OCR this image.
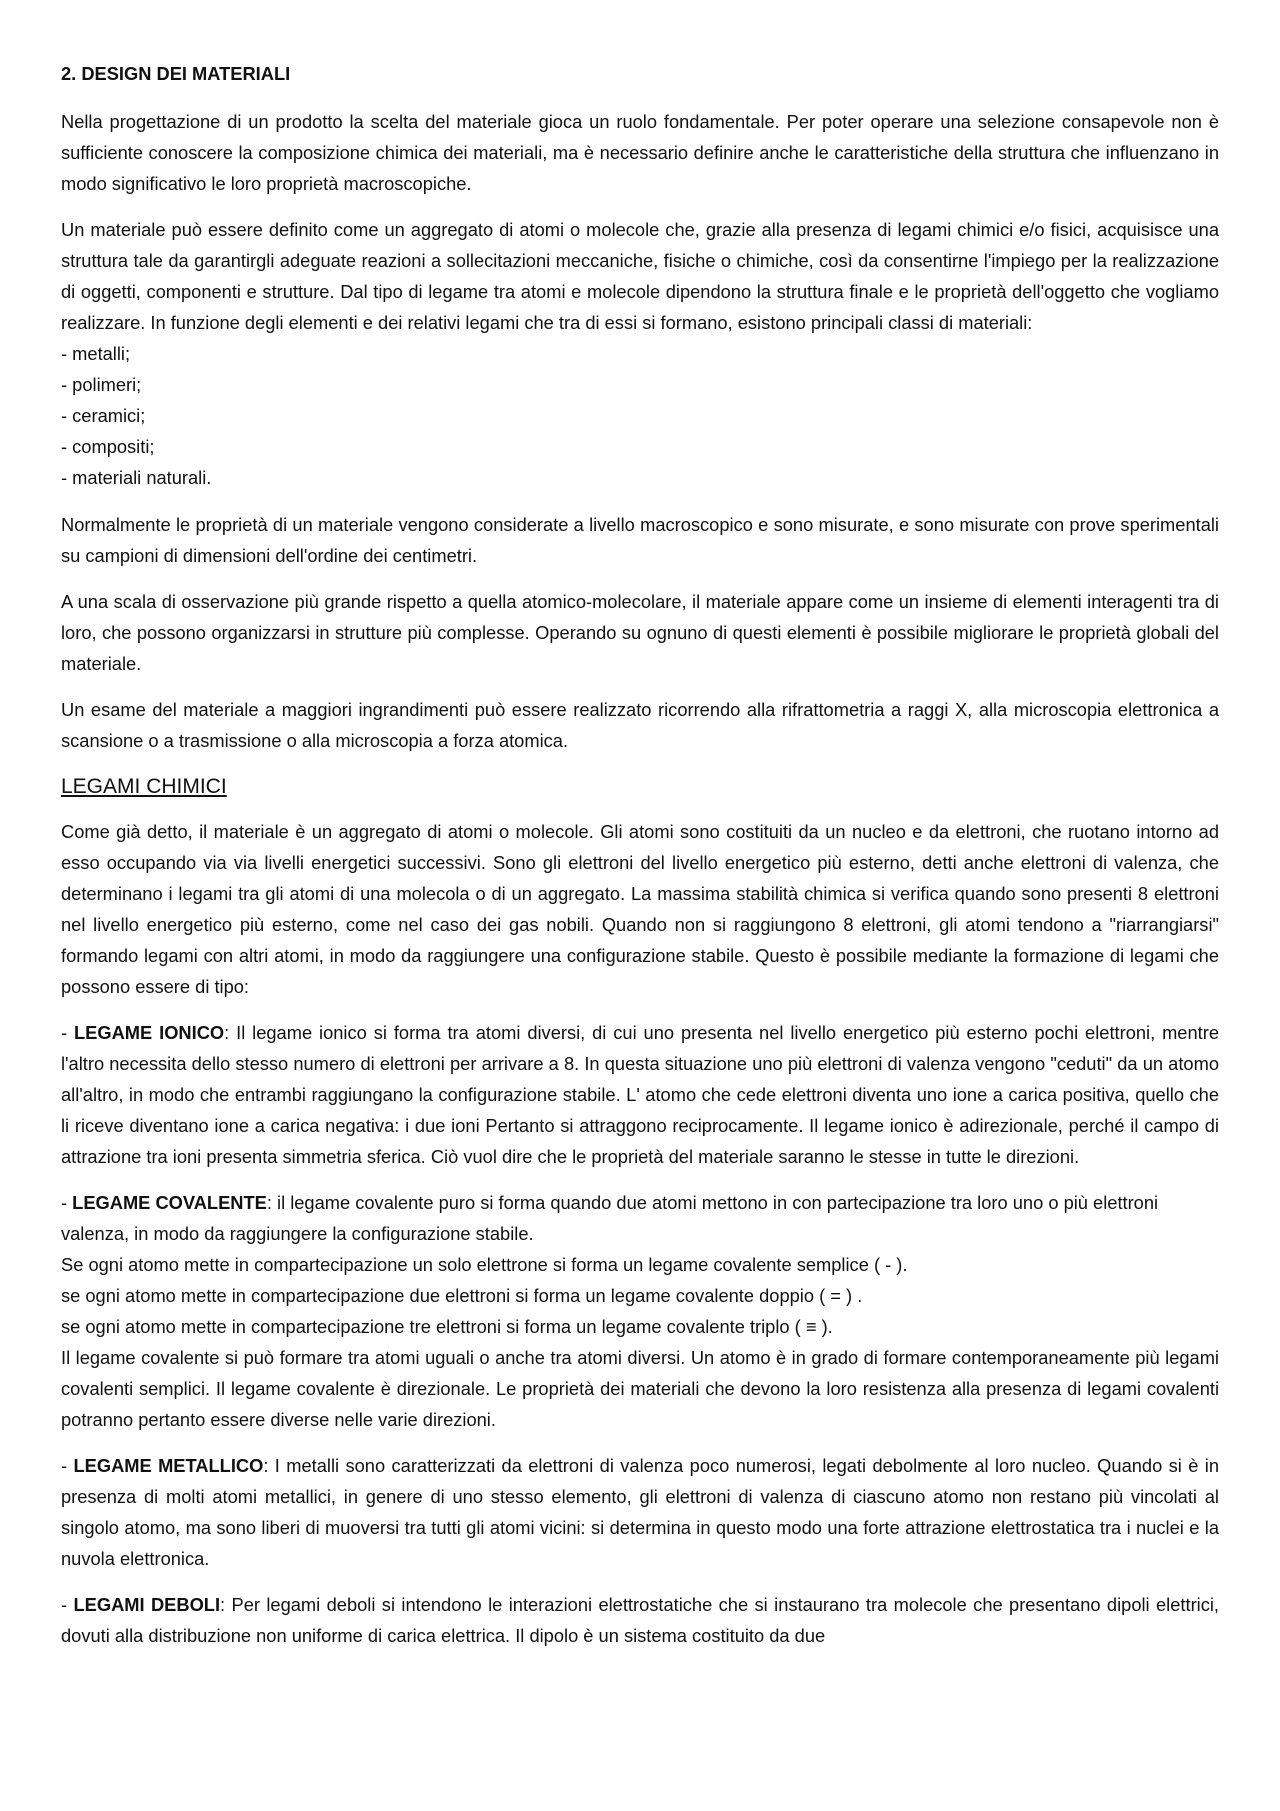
2. DESIGN DEI MATERIALI

Nella progettazione di un prodotto la scelta del materiale gioca un ruolo fondamentale. Per poter operare una selezione consapevole non è sufficiente conoscere la composizione chimica dei materiali, ma è necessario definire anche le caratteristiche della struttura che influenzano in modo significativo le loro proprietà macroscopiche.

Un materiale può essere definito come un aggregato di atomi o molecole che, grazie alla presenza di legami chimici e/o fisici, acquisisce una struttura tale da garantirgli adeguate reazioni a sollecitazioni meccaniche, fisiche o chimiche, così da consentirne l'impiego per la realizzazione di oggetti, componenti e strutture. Dal tipo di legame tra atomi e molecole dipendono la struttura finale e le proprietà dell'oggetto che vogliamo realizzare. In funzione degli elementi e dei relativi legami che tra di essi si formano, esistono principali classi di materiali:

- metalli;
- polimeri;
- ceramici;
- compositi;
- materiali naturali.

Normalmente le proprietà di un materiale vengono considerate a livello macroscopico e sono misurate, e sono misurate con prove sperimentali su campioni di dimensioni dell'ordine dei centimetri.

A una scala di osservazione più grande rispetto a quella atomico-molecolare, il materiale appare come un insieme di elementi interagenti tra di loro, che possono organizzarsi in strutture più complesse. Operando su ognuno di questi elementi è possibile migliorare le proprietà globali del materiale.

Un esame del materiale a maggiori ingrandimenti può essere realizzato ricorrendo alla rifrattometria a raggi X, alla microscopia elettronica a scansione o a trasmissione o alla microscopia a forza atomica.

LEGAMI CHIMICI

Come già detto, il materiale è un aggregato di atomi o molecole. Gli atomi sono costituiti da un nucleo e da elettroni, che ruotano intorno ad esso occupando via via livelli energetici successivi. Sono gli elettroni del livello energetico più esterno, detti anche elettroni di valenza, che determinano i legami tra gli atomi di una molecola o di un aggregato. La massima stabilità chimica si verifica quando sono presenti 8 elettroni nel livello energetico più esterno, come nel caso dei gas nobili. Quando non si raggiungono 8 elettroni, gli atomi tendono a "riarrangiarsi" formando legami con altri atomi, in modo da raggiungere una configurazione stabile. Questo è possibile mediante la formazione di legami che possono essere di tipo:

- LEGAME IONICO: Il legame ionico si forma tra atomi diversi, di cui uno presenta nel livello energetico più esterno pochi elettroni, mentre l'altro necessita dello stesso numero di elettroni per arrivare a 8. In questa situazione uno più elettroni di valenza vengono "ceduti" da un atomo all'altro, in modo che entrambi raggiungano la configurazione stabile. L' atomo che cede elettroni diventa uno ione a carica positiva, quello che li riceve diventano ione a carica negativa: i due ioni Pertanto si attraggono reciprocamente. Il legame ionico è adirezionale, perché il campo di attrazione tra ioni presenta simmetria sferica. Ciò vuol dire che le proprietà del materiale saranno le stesse in tutte le direzioni.

- LEGAME COVALENTE: il legame covalente puro si forma quando due atomi mettono in con partecipazione tra loro uno o più elettroni valenza, in modo da raggiungere la configurazione stabile.

Se ogni atomo mette in compartecipazione un solo elettrone si forma un legame covalente semplice ( - ).

se ogni atomo mette in compartecipazione due elettroni si forma un legame covalente doppio ( = ) .

se ogni atomo mette in compartecipazione tre elettroni si forma un legame covalente triplo ( ≡ ).

Il legame covalente si può formare tra atomi uguali o anche tra atomi diversi. Un atomo è in grado di formare contemporaneamente più legami covalenti semplici. Il legame covalente è direzionale. Le proprietà dei materiali che devono la loro resistenza alla presenza di legami covalenti potranno pertanto essere diverse nelle varie direzioni.

- LEGAME METALLICO: I metalli sono caratterizzati da elettroni di valenza poco numerosi, legati debolmente al loro nucleo. Quando si è in presenza di molti atomi metallici, in genere di uno stesso elemento, gli elettroni di valenza di ciascuno atomo non restano più vincolati al singolo atomo, ma sono liberi di muoversi tra tutti gli atomi vicini: si determina in questo modo una forte attrazione elettrostatica tra i nuclei e la nuvola elettronica.

- LEGAMI DEBOLI: Per legami deboli si intendono le interazioni elettrostatiche che si instaurano tra molecole che presentano dipoli elettrici, dovuti alla distribuzione non uniforme di carica elettrica. Il dipolo è un sistema costituito da due
